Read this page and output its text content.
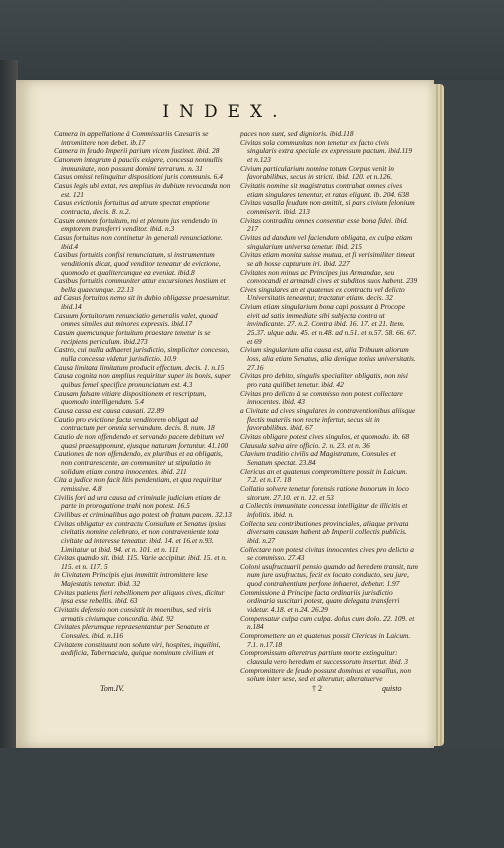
INDEX.

Camera in appellatione à Commissariis Caesaris se intromittere non debet. ib.17

Camera in feudo Imperii parium vicem fustinet. ibid. 28

Canonem integrum à pauciis exigere, concessa nonnullis immunitate, non possunt domini terrarum. n. 31

Casus omissi relinquitur dispositioni juris communis. 6.4

Casus legis ubi extat, res amplius in dubium revocanda non est. 121

Casus evictionis fortuitus ad utrum spectat emptione contracta, decis. 8. n.2.

Casum omnem fortuitum, mi et plenum jus vendendo in emptorem transferri venditor. ibid. n.3

Casus fortuitus non continetur in generali renunciatione. ibid.4

Casibus fortuitis confisi renunciatum, si instrumentum venditionis dicat, quod venditor teneatur de evictione, quomodo et qualitercunque ea eveniat. ibid.8

Casibus fortuitis communiter attur excursiones hostium et bella quaecunque. 22.13

ad Casus fortuitos nemo sit in dubio obligasse praesumitur. ibid.14

Casuum fortuitorum renunciatio generalis valet, quoad omnes similes aut minores expressis. ibid.17

Casum quemcunque fortuitum praestare tenetur is se recipiens periculum. ibid.273

Castro, cui nulla adhaeret jurisdictio, simpliciter concesso, nulla concessa videtur jurisdictio. 10.9

Causa limitata limitatum producit effectum. decis. 1. n.15

Causa cognita non amplius requiritur super iis bonis, super quibus femel specifice pronunciatum est. 4.3

Causam falsam vitiare dispositionem et rescriptum, quomodo intelligendum. 5.4

Causa cassa est causa causati. 22.89

Cautio pro evictione facta venditorem obligat ad contractum per omnia servandum. decis. 8. num. 18

Cautio de non offendendo et servando pacem debitum vel quasi praesupponunt, ejusque naturam fortuntur. 41.100

Cautiones de non offendendo, ex pluribus et ea obligatis, non contrarescente, an communiter ut stipulatio in solidum etiam contra innocentes. ibid. 211

Cita a judice non facit litis pendentiam, et qua requiritur remissive. 4.8

Civilis fori ad ura causa ad criminale judicium etiam de parte in prorogatione trahi non potest. 16.5

Civilibus et criminalibus ago potest ob fratum pacem. 32.13

Civitas obligatur ex contractu Consulum et Senatus ipsius civitatis nomine celebrato, et non contraveniente tota civitate ad interesse teneatur. ibid. 14. et 16.et n.93. Limitatur ut ibid. 94. et n. 101. et n. 111

Civitas quando sit. ibid. 115. Varie accipitur. ibid. 15. et n. 115. et n. 117. 5

in Civitatem Principis ejus immittit intromittere lese Majestatis tenetur. ibid. 32

Civitas patiens fieri rebellionem per aliquos cives, dicitur ipsa esse rebellis. ibid. 63

Civitatis defensio non consistit in moenibus, sed viris armatis civiumque concordia. ibid. 92

Civitates plerumque repraesentantur per Senatum et Consules. ibid. n.116

Civitatem constituunt non solum viri, hospites, inquilini, aedificia, Tabernacula, quique nominum civilium et

paces non sunt, sed dignioris. ibid.118

Civitas sola communitas non tenetur ex facto civis singularis extra speciale ex expressum pactum. ibid.119 et n.123

Civium particularium nomine totum Corpus venit in favorabilibus, secus in stricti. ibid. 120. et n.126.

Civitatis nomine sit magistratus contrahat omnes cives etiam singulares tenentur, et ratas eligunt. ib. 204. 638

Civitas vasalla feudum non amittit, si pars civium felonium commiserit. ibid. 213

Civitas contraditu omnes consentur esse bona fidei. ibid. 217

Civitas ad dandum vel faciendum obligata, ex culpa etiam singularium universa tenetur. ibid. 215

Civitas etiam monita suisse mutua, et fi verisimiliter timeat se ab hosse capturum iri. ibid. 227

Civitates non minus ac Principes jus Armandae, seu convocandi et armandi cives et subditos suos habent. 239

Cives singulares an et quatenus ex contractu vel delicto Universitatis teneantur, tractatur etiam. decis. 32

Civium etiam singularium bona capi possunt à Procope eivit ad satis immediate sibi subjecta contra ut invindicante. 27. n.2. Contra ibid. 16. 17. et 21. Item. 25.37. ulque adu. 45. et n.48. ad n.51. et n.57. 58. 66. 67. et 69

Civium singularium alia causa est, alia Tribuum aliorum loss, alia etiam Senatus, alia denique totius universitatis. 27.16

Civitas pro debito, singulis specialiter obligatis, non nisi pro rata quilibet tenetur. ibid. 42

Civitas pro delicto à se commisso non potest collectare innocentes. ibid. 43

a Civitate ad cives singulares in contraventionibus aliisque flectis materiis non recte infertur, secus sit in favorabilibus. ibid. 67

Civitas obligare potest cives singulos, et quomodo. ib. 68

Clausula salva aire officio. 2. n. 23. et n. 36

Clavium traditio civilis ad Magistratum, Consules et Senatum spectat. 23.84

Clericus an et quatenus compromittere possit in Laicum. 7.2. et n.17. 18

Collatio solvere tenetur forensis ratione bonorum in loco sitorum. 27.10. et n. 12. et 53

a Collectis immunitate concessa intelligitur de illicitis et infolitis. ibid. n.

Collecta seu contributiones provinciales, aliaque privata diversam causam habent ab Imperii collectis publicis. ibid. n.27

Collectare non potest civitas innocentes cives pro delicto a se commisso. 27.43

Coloni usufructuarii pensio quando ad heredem transit, tum num jure usufructus, fecit ex locato conducto, seu jure, quod contrahentium perfone inhaeret, debetur. 1.97

Commissione à Principe facta ordinariis jurisdictio ordinaria suscitari potest, quam delegata transferri videtur. 4.18. et n.24. 26.29

Compensatur culpa cum culpa. dolus cum dolo. 22. 109. et n.184

Compromettere an et quatenus possit Clericus in Laicum. 7.1. n.17.18

Compromissum alteretrus partium morte extinguitur: clausula vero heredum et successorum insertur. ibid. 3

Compromittere de feudo possunt dominus et vasallus, non solum inter sese, sed et alterutur, alteratuerve

Tom.IV.	† 2	quisto
